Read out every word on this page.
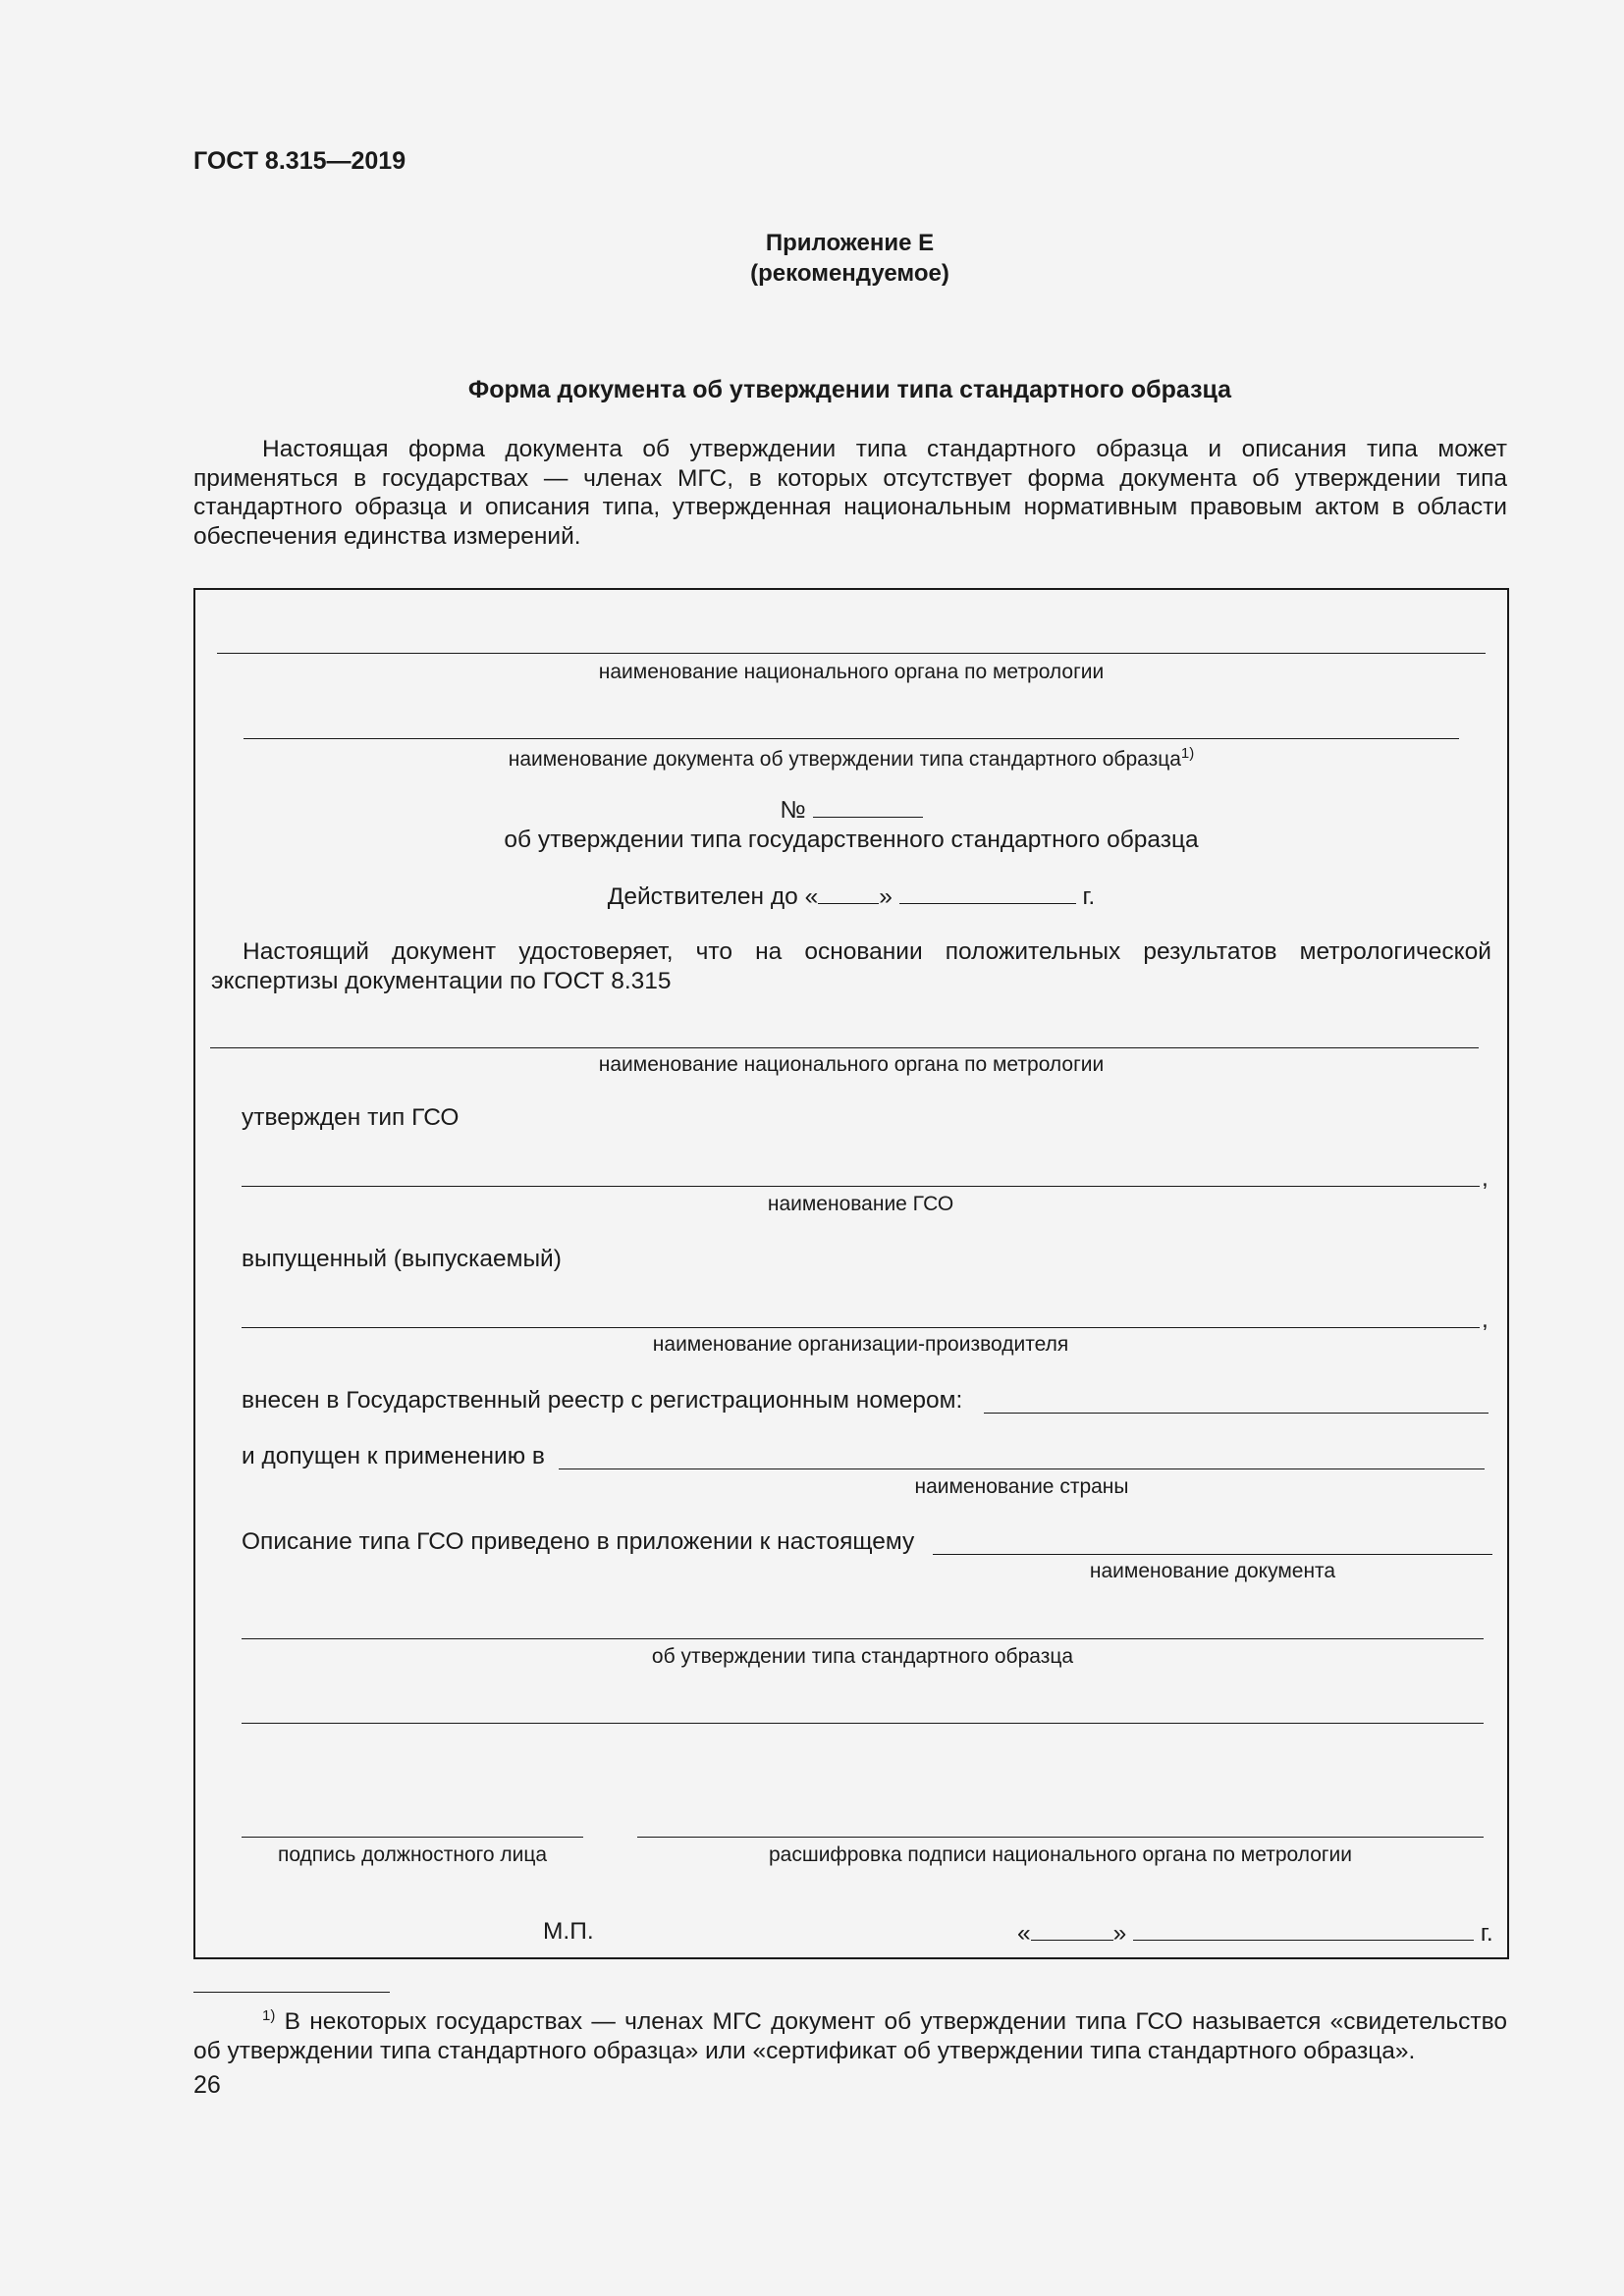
ГОСТ 8.315—2019
Приложение Е
(рекомендуемое)
Форма документа об утверждении типа стандартного образца
Настоящая форма документа об утверждении типа стандартного образца и описания типа может применяться в государствах — членах МГС, в которых отсутствует форма документа об утверждении типа стандартного образца и описания типа, утвержденная национальным нормативным правовым актом в области обеспечения единства измерений.
наименование национального органа по метрологии
наименование документа об утверждении типа стандартного образца$^{1)}$
№
об утверждении типа государственного стандартного образца
Действителен до «	»	г.
Настоящий документ удостоверяет, что на основании положительных результатов метрологической экспертизы документации по ГОСТ 8.315
наименование национального органа по метрологии
утвержден тип ГСО
,
наименование ГСО
выпущенный (выпускаемый)
,
наименование организации-производителя
внесен в Государственный реестр с регистрационным номером:
и допущен к применению в
наименование страны
Описание типа ГСО приведено в приложении к настоящему
наименование документа
об утверждении типа стандартного образца
подпись должностного лица	расшифровка подписи национального органа по метрологии
М.П.	«	»	г.
$^{1)}$ В некоторых государствах — членах МГС документ об утверждении типа ГСО называется «свидетельство об утверждении типа стандартного образца» или «сертификат об утверждении типа стандартного образца».
26
